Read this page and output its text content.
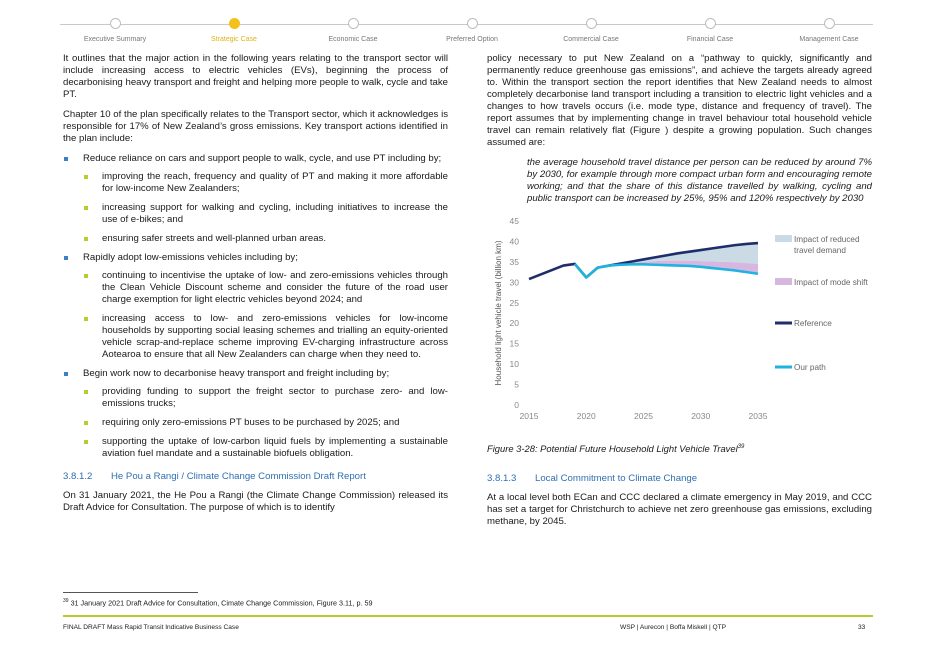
Executive Summary	Strategic Case	Economic Case	Preferred Option	Commercial Case	Financial Case	Management Case

It outlines that the major action in the following years relating to the transport sector will include increasing access to electric vehicles (EVs), beginning the process of decarbonising heavy transport and freight and helping more people to walk, cycle and take PT.

Chapter 10 of the plan specifically relates to the Transport sector, which it acknowledges is responsible for 17% of New Zealand’s gross emissions. Key transport actions identified in the plan include:

Reduce reliance on cars and support people to walk, cycle, and use PT including by;
improving the reach, frequency and quality of PT and making it more affordable for low-income New Zealanders;
increasing support for walking and cycling, including initiatives to increase the use of e-bikes; and
ensuring safer streets and well-planned urban areas.
Rapidly adopt low-emissions vehicles including by;
continuing to incentivise the uptake of low- and zero-emissions vehicles through the Clean Vehicle Discount scheme and consider the future of the road user charge exemption for light electric vehicles beyond 2024; and
increasing access to low- and zero-emissions vehicles for low-income households by supporting social leasing schemes and trialling an equity-oriented vehicle scrap-and-replace scheme improving EV-charging infrastructure across Aotearoa to ensure that all New Zealanders can charge when they need to.
Begin work now to decarbonise heavy transport and freight including by;
providing funding to support the freight sector to purchase zero- and low-emissions trucks;
requiring only zero-emissions PT buses to be purchased by 2025; and
supporting the uptake of low-carbon liquid fuels by implementing a sustainable aviation fuel mandate and a sustainable biofuels obligation.
3.8.1.2 He Pou a Rangi / Climate Change Commission Draft Report

On 31 January 2021, the He Pou a Rangi (the Climate Change Commission) released its Draft Advice for Consultation. The purpose of which is to identify

policy necessary to put New Zealand on a “pathway to quickly, significantly and permanently reduce greenhouse gas emissions”, and achieve the targets already agreed to. Within the transport section the report identifies that New Zealand needs to almost completely decarbonise land transport including a transition to electric light vehicles and a changes to how travels occurs (i.e. mode type, distance and frequency of travel). The report assumes that by implementing change in travel behaviour total household vehicle travel can remain relatively flat (Figure ) despite a growing population. Such changes assumed are:

the average household travel distance per person can be reduced by around 7% by 2030, for example through more compact urban form and encouraging remote working; and that the share of this distance travelled by walking, cycling and public transport can be increased by 25%, 95% and 120% respectively by 2030
0
5
10
15
20
25
30
35
40
45
2015	2020	2025	2030	2035
Household light vehicle travel (billion km)
Impact of reduced travel demand
Impact of mode shift
Reference
Our path
Figure 3-28: Potential Future Household Light Vehicle Travel$^{39}$
3.8.1.3 Local Commitment to Climate Change

At a local level both ECan and CCC declared a climate emergency in May 2019, and CCC has set a target for Christchurch to achieve net zero greenhouse gas emissions, excluding methane, by 2045.

$^{39}$ 31 January 2021 Draft Advice for Consultation, Cimate Change Commission, Figure 3.11, p. 59
FINAL DRAFT Mass Rapid Transit Indicative Business Case	WSP | Aurecon | Boffa Miskell | QTP	33
